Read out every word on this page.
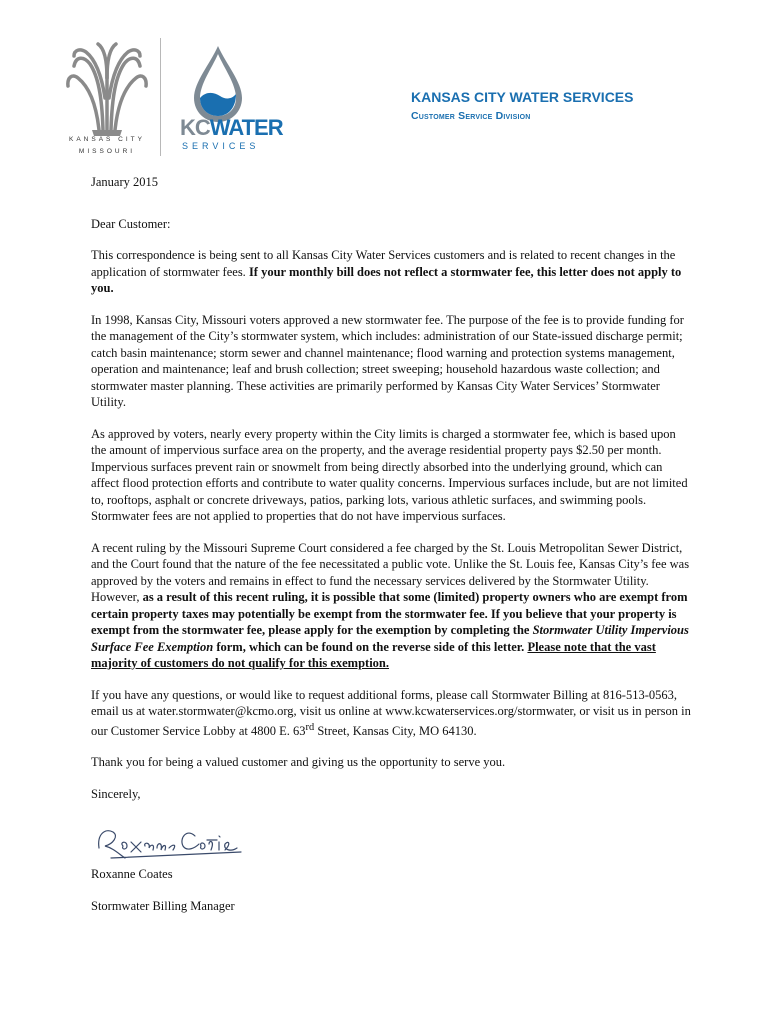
KANSAS CITY
MISSOURI
KCWATER
SERVICES
KANSAS CITY WATER SERVICES
Customer Service Division

January 2015

Dear Customer:

This correspondence is being sent to all Kansas City Water Services customers and is related to recent changes in the application of stormwater fees. If your monthly bill does not reflect a stormwater fee, this letter does not apply to you.

In 1998, Kansas City, Missouri voters approved a new stormwater fee. The purpose of the fee is to provide funding for the management of the City’s stormwater system, which includes: administration of our State-issued discharge permit; catch basin maintenance; storm sewer and channel maintenance; flood warning and protection systems management, operation and maintenance; leaf and brush collection; street sweeping; household hazardous waste collection; and stormwater master planning. These activities are primarily performed by Kansas City Water Services’ Stormwater Utility.

As approved by voters, nearly every property within the City limits is charged a stormwater fee, which is based upon the amount of impervious surface area on the property, and the average residential property pays $2.50 per month. Impervious surfaces prevent rain or snowmelt from being directly absorbed into the underlying ground, which can affect flood protection efforts and contribute to water quality concerns. Impervious surfaces include, but are not limited to, rooftops, asphalt or concrete driveways, patios, parking lots, various athletic surfaces, and swimming pools. Stormwater fees are not applied to properties that do not have impervious surfaces.

A recent ruling by the Missouri Supreme Court considered a fee charged by the St. Louis Metropolitan Sewer District, and the Court found that the nature of the fee necessitated a public vote. Unlike the St. Louis fee, Kansas City’s fee was approved by the voters and remains in effect to fund the necessary services delivered by the Stormwater Utility. However, as a result of this recent ruling, it is possible that some (limited) property owners who are exempt from certain property taxes may potentially be exempt from the stormwater fee. If you believe that your property is exempt from the stormwater fee, please apply for the exemption by completing the Stormwater Utility Impervious Surface Fee Exemption form, which can be found on the reverse side of this letter. Please note that the vast majority of customers do not qualify for this exemption.

If you have any questions, or would like to request additional forms, please call Stormwater Billing at 816-513-0563, email us at water.stormwater@kcmo.org, visit us online at www.kcwaterservices.org/stormwater, or visit us in person in our Customer Service Lobby at 4800 E. 63rd Street, Kansas City, MO 64130.

Thank you for being a valued customer and giving us the opportunity to serve you.

Sincerely,

Roxanne Coates

Stormwater Billing Manager
